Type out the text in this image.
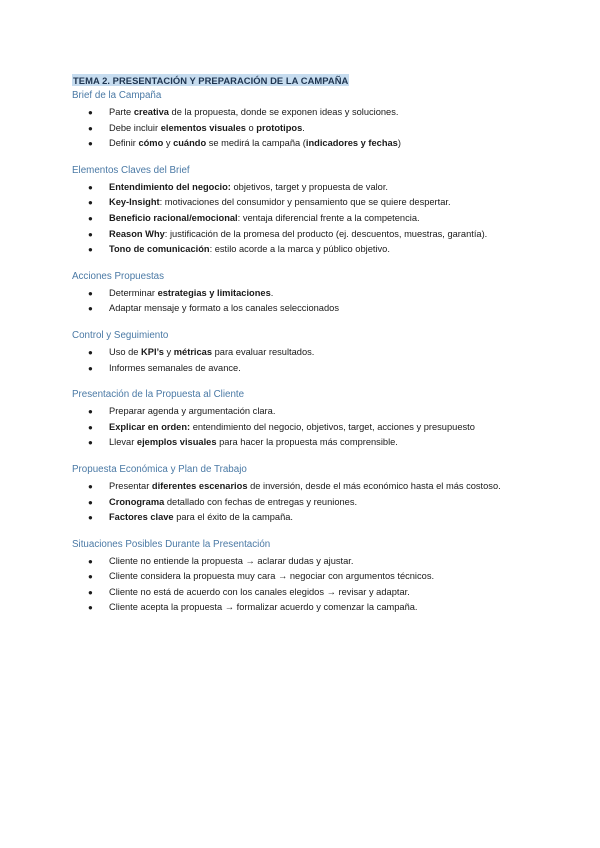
TEMA 2. PRESENTACIÓN Y PREPARACIÓN DE LA CAMPAÑA
Brief de la Campaña
● Parte creativa de la propuesta, donde se exponen ideas y soluciones.
● Debe incluir elementos visuales o prototipos.
● Definir cómo y cuándo se medirá la campaña (indicadores y fechas)
Elementos Claves del Brief
● Entendimiento del negocio: objetivos, target y propuesta de valor.
● Key-Insight: motivaciones del consumidor y pensamiento que se quiere despertar.
● Beneficio racional/emocional: ventaja diferencial frente a la competencia.
● Reason Why: justificación de la promesa del producto (ej. descuentos, muestras, garantía).
● Tono de comunicación: estilo acorde a la marca y público objetivo.
Acciones Propuestas
● Determinar estrategias y limitaciones.
● Adaptar mensaje y formato a los canales seleccionados
Control y Seguimiento
● Uso de KPI’s y métricas para evaluar resultados.
● Informes semanales de avance.
Presentación de la Propuesta al Cliente
● Preparar agenda y argumentación clara.
● Explicar en orden: entendimiento del negocio, objetivos, target, acciones y presupuesto
● Llevar ejemplos visuales para hacer la propuesta más comprensible.
Propuesta Económica y Plan de Trabajo
● Presentar diferentes escenarios de inversión, desde el más económico hasta el más costoso.
● Cronograma detallado con fechas de entregas y reuniones.
● Factores clave para el éxito de la campaña.
Situaciones Posibles Durante la Presentación
● Cliente no entiende la propuesta → aclarar dudas y ajustar.
● Cliente considera la propuesta muy cara → negociar con argumentos técnicos.
● Cliente no está de acuerdo con los canales elegidos → revisar y adaptar.
● Cliente acepta la propuesta → formalizar acuerdo y comenzar la campaña.
